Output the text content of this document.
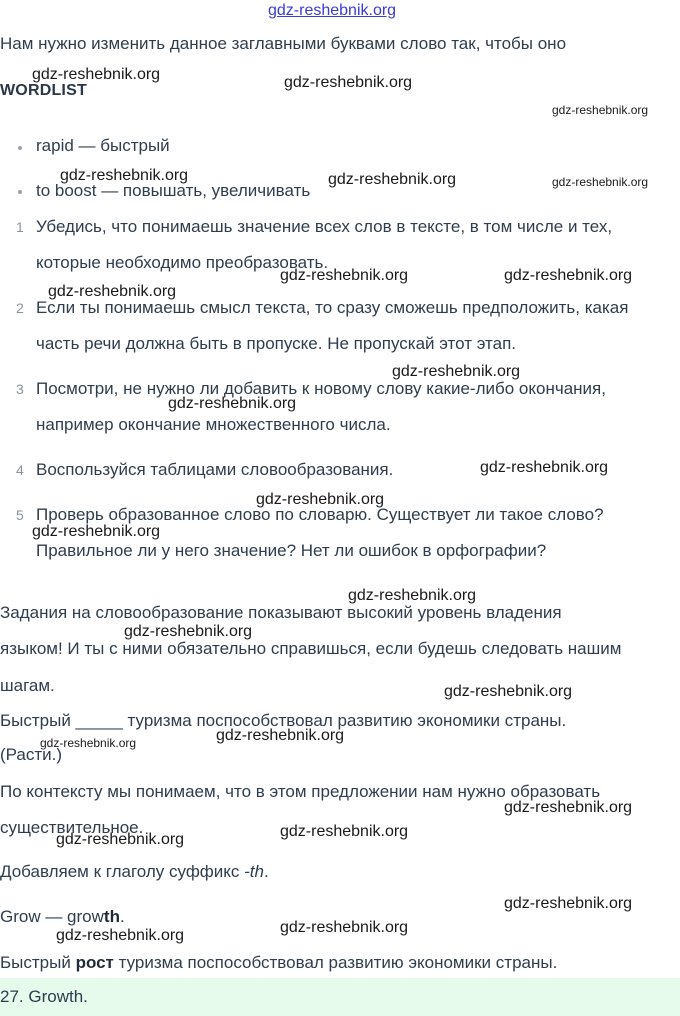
gdz-reshebnik.org
Нам нужно изменить данное заглавными буквами слово так, чтобы оно
WORDLIST
rapid — быстрый
to boost — повышать, увеличивать
1 Убедись, что понимаешь значение всех слов в тексте, в том числе и тех,
которые необходимо преобразовать.
2 Если ты понимаешь смысл текста, то сразу сможешь предположить, какая
часть речи должна быть в пропуске. Не пропускай этот этап.
3 Посмотри, не нужно ли добавить к новому слову какие-либо окончания,
например окончание множественного числа.
4 Воспользуйся таблицами словообразования.
5 Проверь образованное слово по словарю. Существует ли такое слово?
Правильное ли у него значение? Нет ли ошибок в орфографии?
Задания на словообразование показывают высокий уровень владения
языком! И ты с ними обязательно справишься, если будешь следовать нашим
шагам.
Быстрый _____ туризма поспособствовал развитию экономики страны.
(Расти.)
По контексту мы понимаем, что в этом предложении нам нужно образовать
существительное.
Добавляем к глаголу суффикс -th.
Grow — growth.
Быстрый рост туризма поспособствовал развитию экономики страны.
27. Growth.
gdz-reshebnik.org	gdz-reshebnik.org
gdz-reshebnik.org
gdz-reshebnik.org	gdz-reshebnik.org	gdz-reshebnik.org
gdz-reshebnik.org	gdz-reshebnik.org
gdz-reshebnik.org
gdz-reshebnik.org
gdz-reshebnik.org
gdz-reshebnik.org
gdz-reshebnik.org
gdz-reshebnik.org
gdz-reshebnik.org
gdz-reshebnik.org
gdz-reshebnik.org
gdz-reshebnik.org
gdz-reshebnik.org
gdz-reshebnik.org
gdz-reshebnik.org
gdz-reshebnik.org
gdz-reshebnik.org
gdz-reshebnik.org
gdz-reshebnik.org
